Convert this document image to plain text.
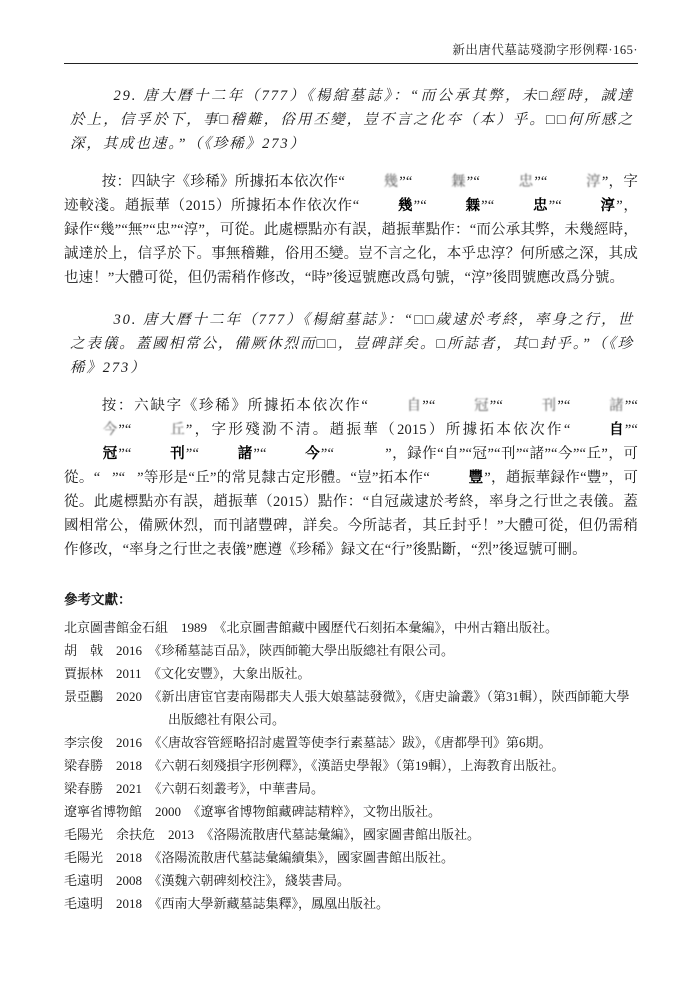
新出唐代墓誌殘泐字形例釋·165·

29. 唐大曆十二年（777）《楊綰墓誌》：“而公承其弊，未□經時，誠達於上，信孚於下，事□稽難，俗用丕變，豈不言之化夲（本）乎。□□何所感之深，其成也速。”（《珍稀》273）

按：四缺字《珍稀》所據拓本依次作“	幾”“	橆”“	忠”“	淳”，字迹較淺。趙振華（2015）所據拓本作依次作“	幾”“	橆”“	忠”“	淳”，録作“幾”“無”“忠”“淳”，可從。此處標點亦有誤，趙振華點作：“而公承其弊，未幾經時，誠達於上，信孚於下。事無稽難，俗用丕變。豈不言之化，本乎忠淳？何所感之深，其成也速！”大體可從，但仍需稍作修改，“時”後逗號應改爲句號，“淳”後問號應改爲分號。

30. 唐大曆十二年（777）《楊綰墓誌》：“□□歲逮於考終，率身之行，世之表儀。蓋國相常公，備厥休烈而□□，豈碑詳矣。□所誌者，其□封乎。”（《珍稀》273）

按：六缺字《珍稀》所據拓本依次作“	自”“	冠”“	刊”“	諸”“今”“	丘”，字形殘泐不清。趙振華（2015）所據拓本依次作“	自”“冠”“	刊”“	諸”“	今”“	𠀌”，録作“自”“冠”“刊”“諸”“今”“丘”，可從。“𠀌”“𠀉”等形是“丘”的常見隸古定形體。“豈”拓本作“	豐”，趙振華録作“豐”，可從。此處標點亦有誤，趙振華（2015）點作：“自冠歲逮於考終，率身之行世之表儀。蓋國相常公，備厥休烈，而刊諸豐碑，詳矣。今所誌者，其丘封乎！”大體可從，但仍需稍作修改，“率身之行世之表儀”應遵《珍稀》録文在“行”後點斷，“烈”後逗號可刪。

參考文獻：
北京圖書館金石組　1989　《北京圖書館藏中國歷代石刻拓本彙編》，中州古籍出版社。
胡　戟　2016　《珍稀墓誌百品》，陝西師範大學出版總社有限公司。
賈振林　2011　《文化安豐》，大象出版社。
景亞鸝　2020　《新出唐宦官妻南陽郡夫人張大娘墓誌發微》，《唐史論叢》（第31輯），陝西師範大學出版總社有限公司。
李宗俊　2016　《〈唐故容管經略招討處置等使李行素墓誌〉跋》，《唐都學刊》第6期。
梁春勝　2018　《六朝石刻殘損字形例釋》，《漢語史學報》（第19輯），上海教育出版社。
梁春勝　2021　《六朝石刻叢考》，中華書局。
遼寧省博物館　2000　《遼寧省博物館藏碑誌精粹》，文物出版社。
毛陽光　余扶危　2013　《洛陽流散唐代墓誌彙編》，國家圖書館出版社。
毛陽光　2018　《洛陽流散唐代墓誌彙編續集》，國家圖書館出版社。
毛遠明　2008　《漢魏六朝碑刻校注》，綫裝書局。
毛遠明　2018　《西南大學新藏墓誌集釋》，鳳凰出版社。
